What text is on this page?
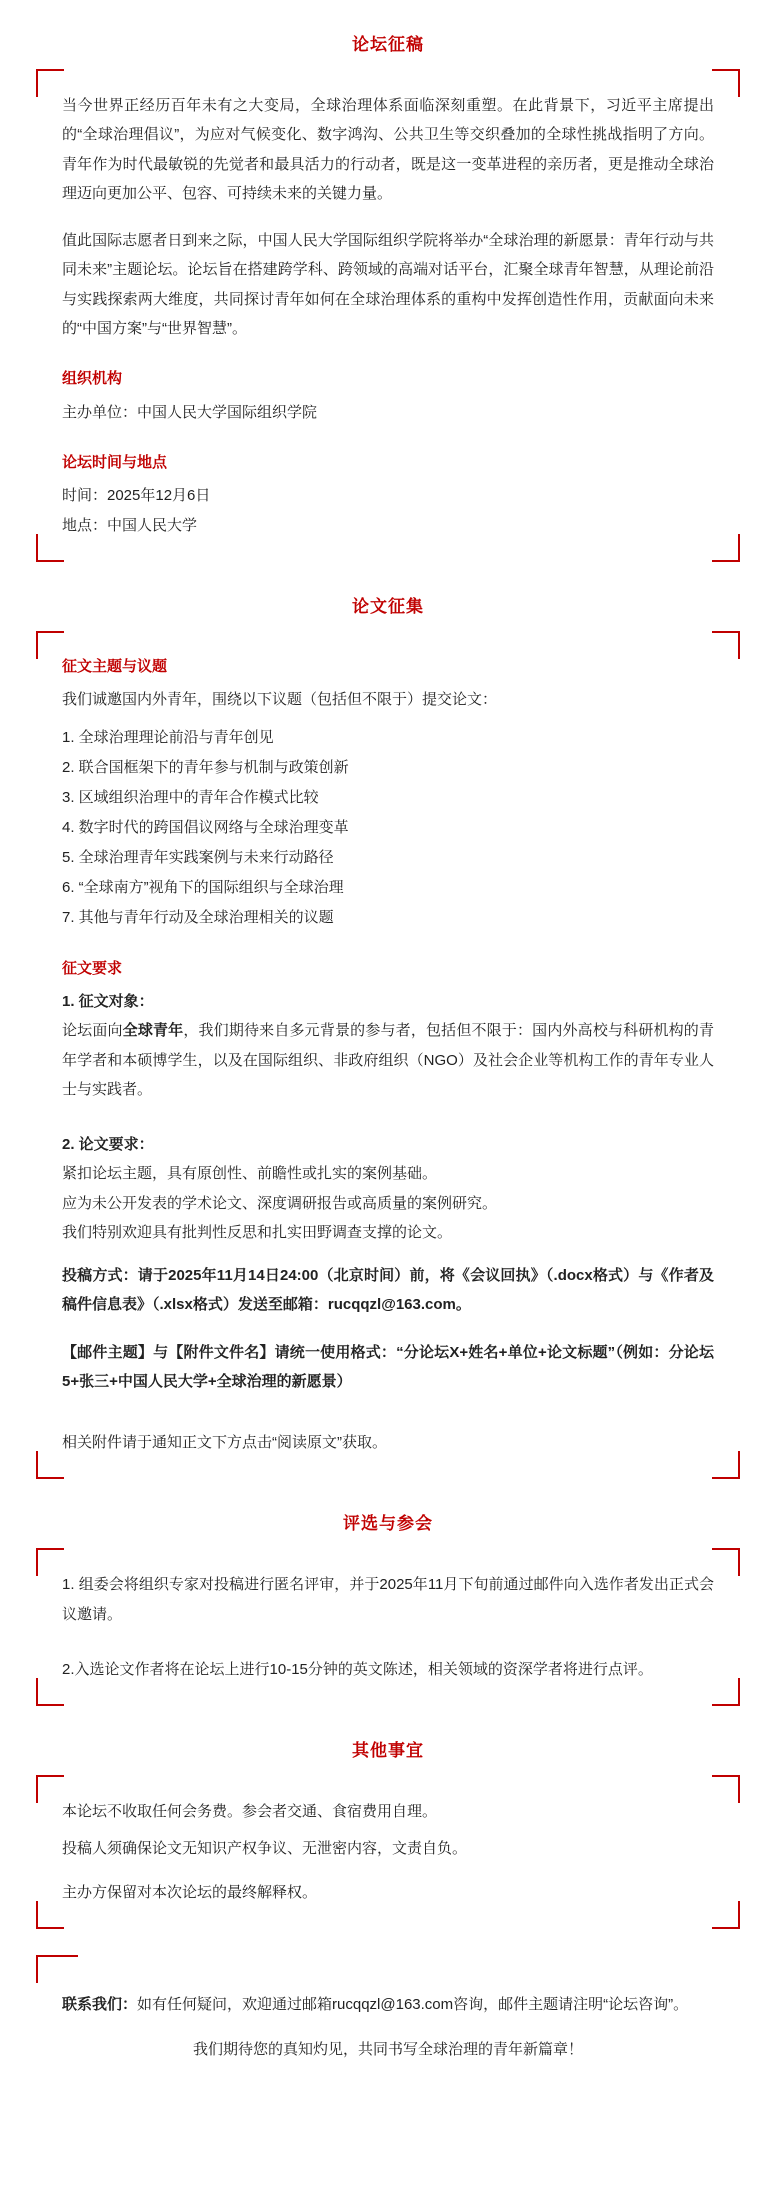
论坛征稿

当今世界正经历百年未有之大变局，全球治理体系面临深刻重塑。在此背景下，习近平主席提出的“全球治理倡议”，为应对气候变化、数字鸿沟、公共卫生等交织叠加的全球性挑战指明了方向。青年作为时代最敏锐的先觉者和最具活力的行动者，既是这一变革进程的亲历者，更是推动全球治理迈向更加公平、包容、可持续未来的关键力量。

值此国际志愿者日到来之际，中国人民大学国际组织学院将举办“全球治理的新愿景：青年行动与共同未来”主题论坛。论坛旨在搭建跨学科、跨领域的高端对话平台，汇聚全球青年智慧，从理论前沿与实践探索两大维度，共同探讨青年如何在全球治理体系的重构中发挥创造性作用，贡献面向未来的“中国方案”与“世界智慧”。

组织机构

主办单位：中国人民大学国际组织学院

论坛时间与地点

时间：2025年12月6日

地点：中国人民大学

论文征集
征文主题与议题

我们诚邀国内外青年，围绕以下议题（包括但不限于）提交论文：

1. 全球治理理论前沿与青年创见

2. 联合国框架下的青年参与机制与政策创新

3. 区域组织治理中的青年合作模式比较

4. 数字时代的跨国倡议网络与全球治理变革

5. 全球治理青年实践案例与未来行动路径

6. “全球南方”视角下的国际组织与全球治理

7. 其他与青年行动及全球治理相关的议题

征文要求

1. 征文对象：

论坛面向全球青年，我们期待来自多元背景的参与者，包括但不限于：国内外高校与科研机构的青年学者和本硕博学生，以及在国际组织、非政府组织（NGO）及社会企业等机构工作的青年专业人士与实践者。

2. 论文要求：

紧扣论坛主题，具有原创性、前瞻性或扎实的案例基础。

应为未公开发表的学术论文、深度调研报告或高质量的案例研究。

我们特别欢迎具有批判性反思和扎实田野调查支撑的论文。

投稿方式：请于2025年11月14日24:00（北京时间）前，将《会议回执》（.docx格式）与《作者及稿件信息表》（.xlsx格式）发送至邮箱：rucqqzl@163.com。

【邮件主题】与【附件文件名】请统一使用格式：“分论坛X+姓名+单位+论文标题”（例如：分论坛5+张三+中国人民大学+全球治理的新愿景）

相关附件请于通知正文下方点击“阅读原文”获取。

评选与参会

1. 组委会将组织专家对投稿进行匿名评审，并于2025年11月下旬前通过邮件向入选作者发出正式会议邀请。

2.入选论文作者将在论坛上进行10-15分钟的英文陈述，相关领域的资深学者将进行点评。

其他事宜

本论坛不收取任何会务费。参会者交通、食宿费用自理。

投稿人须确保论文无知识产权争议、无泄密内容，文责自负。

主办方保留对本次论坛的最终解释权。

联系我们：如有任何疑问，欢迎通过邮箱rucqqzl@163.com咨询，邮件主题请注明“论坛咨询”。

我们期待您的真知灼见，共同书写全球治理的青年新篇章！
